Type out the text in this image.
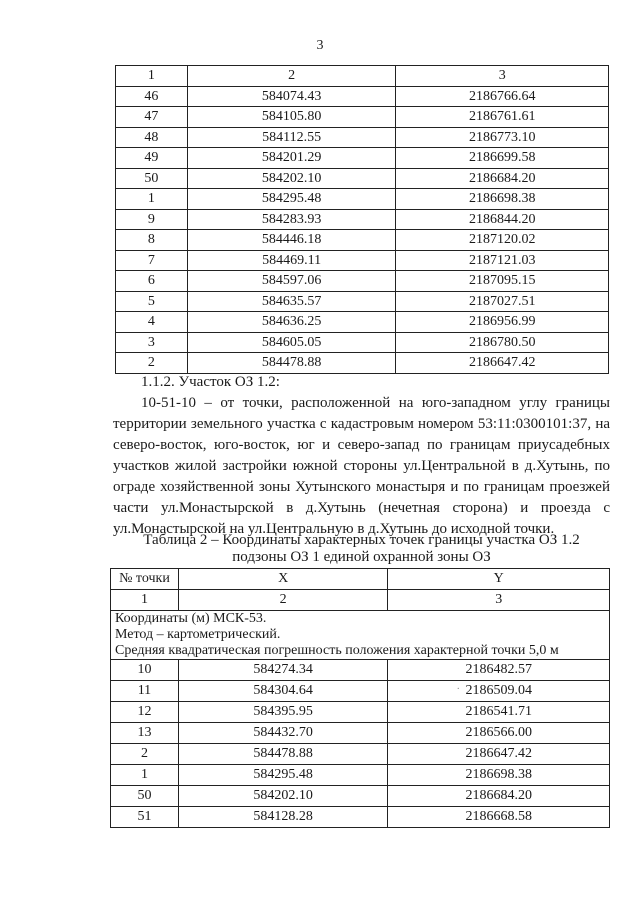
3
1	2	3
46	584074.43	2186766.64
47	584105.80	2186761.61
48	584112.55	2186773.10
49	584201.29	2186699.58
50	584202.10	2186684.20
1	584295.48	2186698.38
9	584283.93	2186844.20
8	584446.18	2187120.02
7	584469.11	2187121.03
6	584597.06	2187095.15
5	584635.57	2187027.51
4	584636.25	2186956.99
3	584605.05	2186780.50
2	584478.88	2186647.42
1.1.2. Участок ОЗ 1.2:
10-51-10 – от точки, расположенной на юго-западном углу границы территории земельного участка с кадастровым номером 53:11:0300101:37, на северо-восток, юго-восток, юг и северо-запад по границам приусадебных участков жилой застройки южной стороны ул.Центральной в д.Хутынь, по ограде хозяйственной зоны Хутынского монастыря и по границам проезжей части ул.Монастырской в д.Хутынь (нечетная сторона) и проезда с ул.Монастырской на ул.Центральную в д.Хутынь до исходной точки.
Таблица 2 – Координаты характерных точек границы участка ОЗ 1.2
подзоны ОЗ 1 единой охранной зоны ОЗ
№ точки	X	Y
1	2	3

Координаты (м) МСК-53.
Метод – картометрический.
Средняя квадратическая погрешность положения характерной точки 5,0 м		

10	584274.34	2186482.57
11	584304.64	2186509.04
12	584395.95	2186541.71
13	584432.70	2186566.00
2	584478.88	2186647.42
1	584295.48	2186698.38
50	584202.10	2186684.20
51	584128.28	2186668.58
.
